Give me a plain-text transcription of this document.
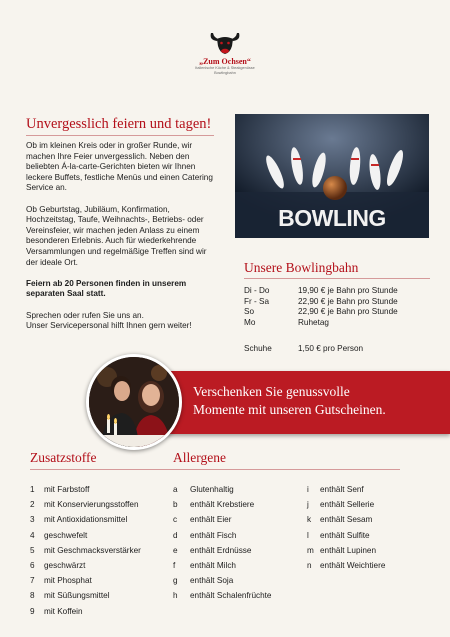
„Zum Ochsen“
Italienische Küche & Steakgenüsse
Bowlingbahn
Unvergesslich feiern und tagen!

Ob im kleinen Kreis oder in großer Runde, wir machen Ihre Feier unvergesslich. Neben den beliebten Á-la-carte-Gerichten bieten wir Ihnen leckere Buffets, festliche Menüs und einen Catering Service an.

Ob Geburtstag, Jubiläum, Konfirmation, Hochzeitstag, Taufe, Weihnachts-, Betriebs- oder Vereinsfeier, wir machen jeden Anlass zu einem besonderen Erlebnis. Auch für wiederkehrende Versammlungen und regelmäßige Treffen sind wir der ideale Ort.

Feiern ab 20 Personen finden in unserem separaten Saal statt.

Sprechen oder rufen Sie uns an.
Unser Servicepersonal hilft Ihnen gern weiter!

BOWLING
Unsere Bowlingbahn
Di - Do	19,90 € je Bahn pro Stunde
Fr - Sa	22,90 € je Bahn pro Stunde
So	22,90 € je Bahn pro Stunde
Mo	Ruhetag
Schuhe	1,50 € pro Person
Verschenken Sie genussvolle
Momente mit unseren Gutscheinen.
Zusatzstoffe	Allergene
1	mit Farbstoff
2	mit Konservierungsstoffen
3	mit Antioxidationsmittel
4	geschwefelt
5	mit Geschmacksverstärker
6	geschwärzt
7	mit Phosphat
8	mit Süßungsmittel
9	mit Koffein
a	Glutenhaltig
b	enthält Krebstiere
c	enthält Eier
d	enthält Fisch
e	enthält Erdnüsse
f	enthält Milch
g	enthält Soja
h	enthält Schalenfrüchte
i	enthält Senf
j	enthält Sellerie
k	enthält Sesam
l	enthält Sulfite
m enthält Lupinen
n	enthält Weichtiere
